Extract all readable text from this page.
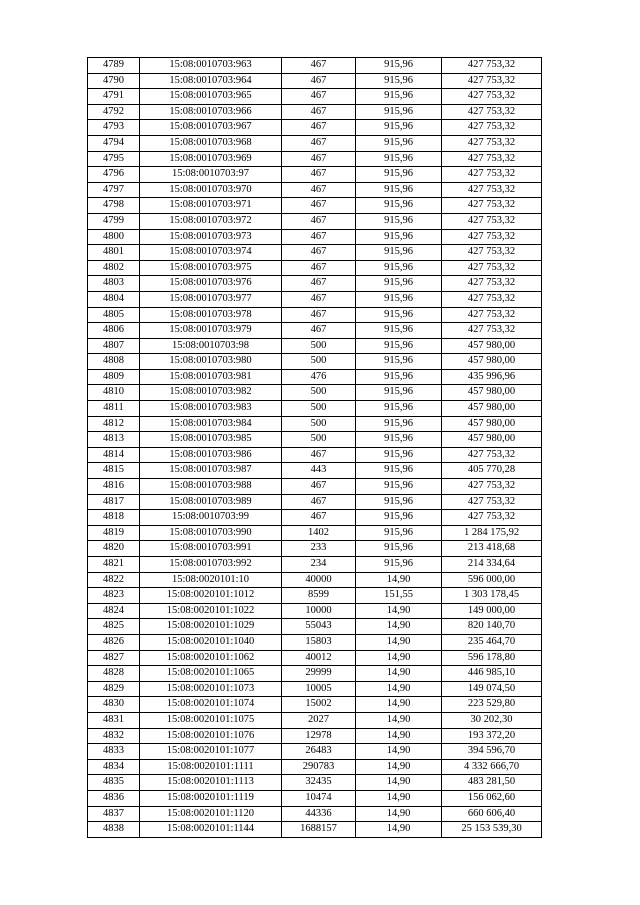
4789	15:08:0010703:963	467	915,96	427 753,32
4790	15:08:0010703:964	467	915,96	427 753,32
4791	15:08:0010703:965	467	915,96	427 753,32
4792	15:08:0010703:966	467	915,96	427 753,32
4793	15:08:0010703:967	467	915,96	427 753,32
4794	15:08:0010703:968	467	915,96	427 753,32
4795	15:08:0010703:969	467	915,96	427 753,32
4796	15:08:0010703:97	467	915,96	427 753,32
4797	15:08:0010703:970	467	915,96	427 753,32
4798	15:08:0010703:971	467	915,96	427 753,32
4799	15:08:0010703:972	467	915,96	427 753,32
4800	15:08:0010703:973	467	915,96	427 753,32
4801	15:08:0010703:974	467	915,96	427 753,32
4802	15:08:0010703:975	467	915,96	427 753,32
4803	15:08:0010703:976	467	915,96	427 753,32
4804	15:08:0010703:977	467	915,96	427 753,32
4805	15:08:0010703:978	467	915,96	427 753,32
4806	15:08:0010703:979	467	915,96	427 753,32
4807	15:08:0010703:98	500	915,96	457 980,00
4808	15:08:0010703:980	500	915,96	457 980,00
4809	15:08:0010703:981	476	915,96	435 996,96
4810	15:08:0010703:982	500	915,96	457 980,00
4811	15:08:0010703:983	500	915,96	457 980,00
4812	15:08:0010703:984	500	915,96	457 980,00
4813	15:08:0010703:985	500	915,96	457 980,00
4814	15:08:0010703:986	467	915,96	427 753,32
4815	15:08:0010703:987	443	915,96	405 770,28
4816	15:08:0010703:988	467	915,96	427 753,32
4817	15:08:0010703:989	467	915,96	427 753,32
4818	15:08:0010703:99	467	915,96	427 753,32
4819	15:08:0010703:990	1402	915,96	1 284 175,92
4820	15:08:0010703:991	233	915,96	213 418,68
4821	15:08:0010703:992	234	915,96	214 334,64
4822	15:08:0020101:10	40000	14,90	596 000,00
4823	15:08:0020101:1012	8599	151,55	1 303 178,45
4824	15:08:0020101:1022	10000	14,90	149 000,00
4825	15:08:0020101:1029	55043	14,90	820 140,70
4826	15:08:0020101:1040	15803	14,90	235 464,70
4827	15:08:0020101:1062	40012	14,90	596 178,80
4828	15:08:0020101:1065	29999	14,90	446 985,10
4829	15:08:0020101:1073	10005	14,90	149 074,50
4830	15:08:0020101:1074	15002	14,90	223 529,80
4831	15:08:0020101:1075	2027	14,90	30 202,30
4832	15:08:0020101:1076	12978	14,90	193 372,20
4833	15:08:0020101:1077	26483	14,90	394 596,70
4834	15:08:0020101:1111	290783	14,90	4 332 666,70
4835	15:08:0020101:1113	32435	14,90	483 281,50
4836	15:08:0020101:1119	10474	14,90	156 062,60
4837	15:08:0020101:1120	44336	14,90	660 606,40
4838	15:08:0020101:1144	1688157	14,90	25 153 539,30
